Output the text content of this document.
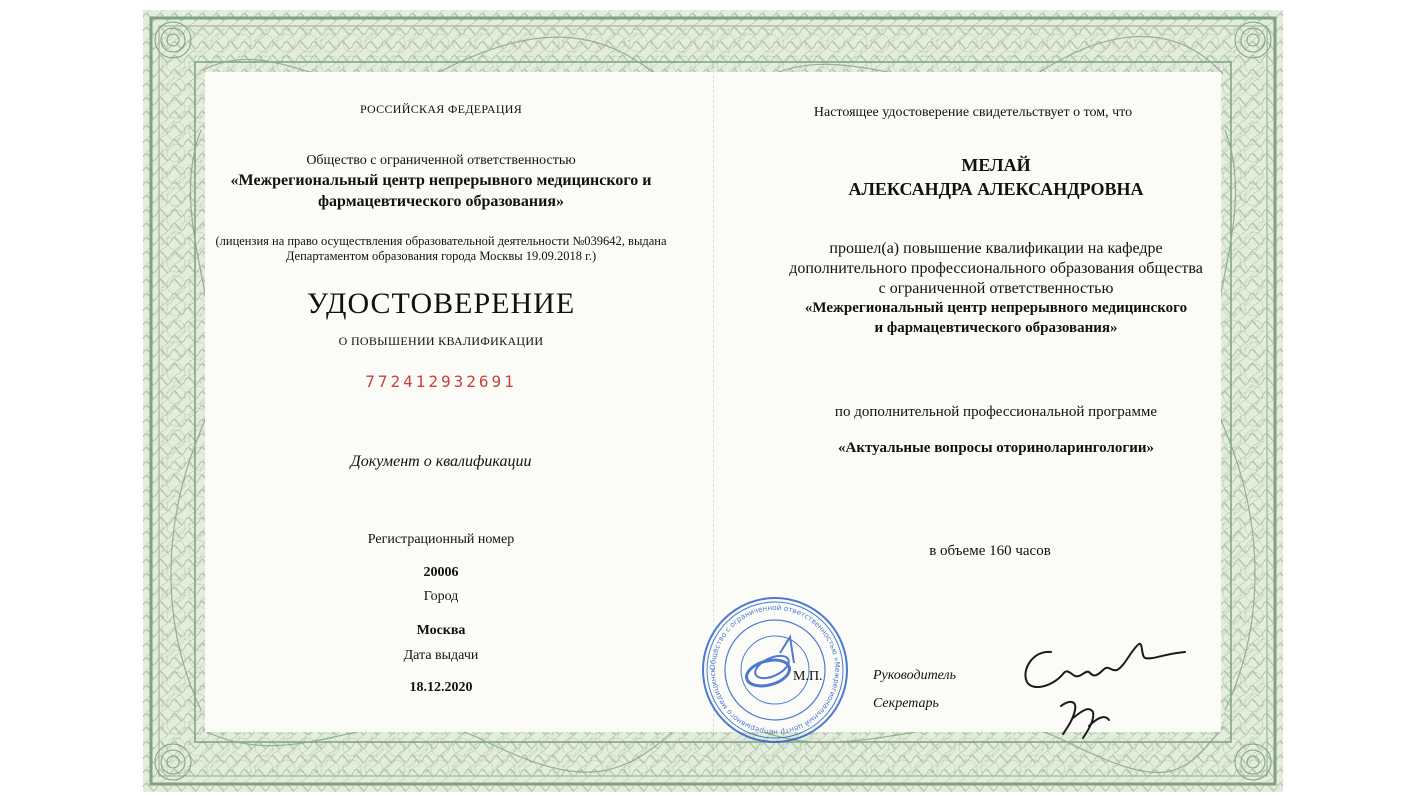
РОССИЙСКАЯ ФЕДЕРАЦИЯ
Общество с ограниченной ответственностью
«Межрегиональный центр непрерывного медицинского и
фармацевтического образования»
(лицензия на право осуществления образовательной деятельности №039642, выдана
Департаментом образования города Москвы 19.09.2018 г.)
УДОСТОВЕРЕНИЕ
О ПОВЫШЕНИИ КВАЛИФИКАЦИИ
772412932691
Документ о квалификации
Регистрационный номер
20006
Город
Москва
Дата выдачи
18.12.2020
Настоящее удостоверение свидетельствует о том, что
МЕЛАЙ
АЛЕКСАНДРА АЛЕКСАНДРОВНА
прошел(а) повышение квалификации на кафедре
дополнительного профессионального образования общества
с ограниченной ответственностью
«Межрегиональный центр непрерывного медицинского
и фармацевтического образования»
по дополнительной профессиональной программе
«Актуальные вопросы оториноларингологии»
в объеме 160 часов
Общество с ограниченной ответственностью «Межрегиональный центр непрерывного медицинск	М.П.	Руководитель
Секретарь
